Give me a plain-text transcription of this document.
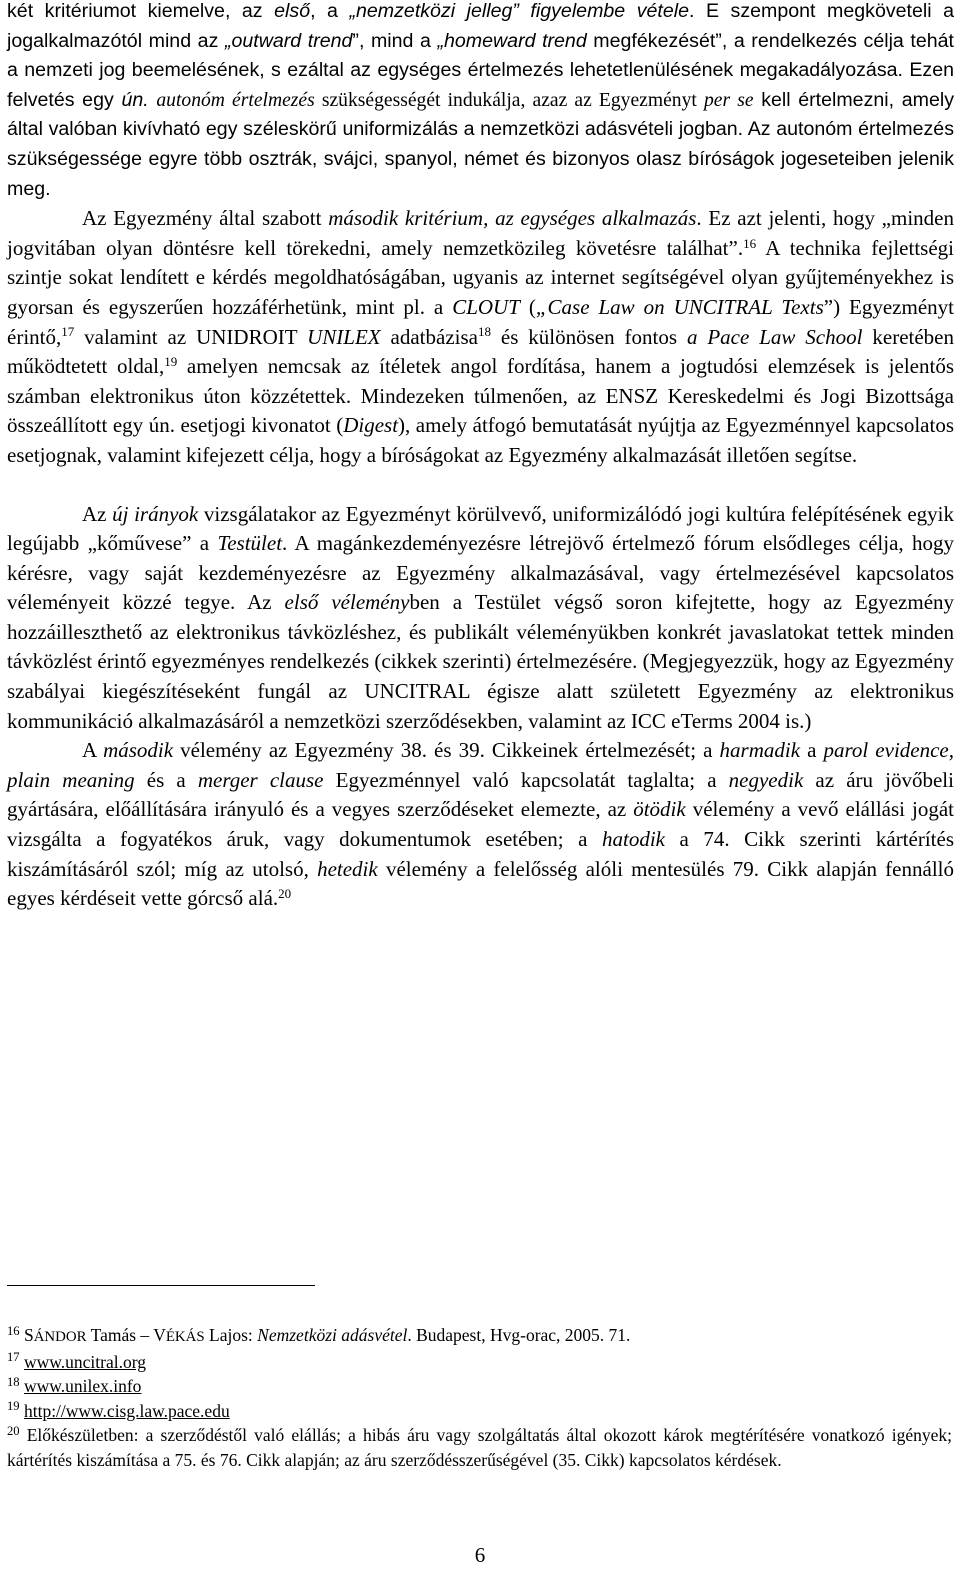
két kritériumot kiemelve, az első, a „nemzetközi jelleg” figyelembe vétele. E szempont megköveteli a jogalkalmazótól mind az „outward trend”, mind a „homeward trend megfékezését”, a rendelkezés célja tehát a nemzeti jog beemelésének, s ezáltal az egységes értelmezés lehetetlenülésének megakadályozása. Ezen felvetés egy ún. autonóm értelmezés szükségességét indukálja, azaz az Egyezményt per se kell értelmezni, amely által valóban kivívható egy széleskörű uniformizálás a nemzetközi adásvételi jogban. Az autonóm értelmezés szükségessége egyre több osztrák, svájci, spanyol, német és bizonyos olasz bíróságok jogeseteiben jelenik meg.

Az Egyezmény által szabott második kritérium, az egységes alkalmazás. Ez azt jelenti, hogy „minden jogvitában olyan döntésre kell törekedni, amely nemzetközileg követésre találhat”.$^{16}$ A technika fejlettségi szintje sokat lendített e kérdés megoldhatóságában, ugyanis az internet segítségével olyan gyűjteményekhez is gyorsan és egyszerűen hozzáférhetünk, mint pl. a CLOUT („Case Law on UNCITRAL Texts”) Egyezményt érintő,$^{17}$ valamint az UNIDROIT UNILEX adatbázisa$^{18}$ és különösen fontos a Pace Law School keretében működtetett oldal,$^{19}$ amelyen nemcsak az ítéletek angol fordítása, hanem a jogtudósi elemzések is jelentős számban elektronikus úton közzétettek. Mindezeken túlmenően, az ENSZ Kereskedelmi és Jogi Bizottsága összeállított egy ún. esetjogi kivonatot (Digest), amely átfogó bemutatását nyújtja az Egyezménnyel kapcsolatos esetjognak, valamint kifejezett célja, hogy a bíróságokat az Egyezmény alkalmazását illetően segítse.

Az új irányok vizsgálatakor az Egyezményt körülvevő, uniformizálódó jogi kultúra felépítésének egyik legújabb „kőművese” a Testület. A magánkezdeményezésre létrejövő értelmező fórum elsődleges célja, hogy kérésre, vagy saját kezdeményezésre az Egyezmény alkalmazásával, vagy értelmezésével kapcsolatos véleményeit közzé tegye. Az első véleményben a Testület végső soron kifejtette, hogy az Egyezmény hozzáilleszthető az elektronikus távközléshez, és publikált véleményükben konkrét javaslatokat tettek minden távközlést érintő egyezményes rendelkezés (cikkek szerinti) értelmezésére. (Megjegyezzük, hogy az Egyezmény szabályai kiegészítéseként fungál az UNCITRAL égisze alatt született Egyezmény az elektronikus kommunikáció alkalmazásáról a nemzetközi szerződésekben, valamint az ICC eTerms 2004 is.)

A második vélemény az Egyezmény 38. és 39. Cikkeinek értelmezését; a harmadik a parol evidence, plain meaning és a merger clause Egyezménnyel való kapcsolatát taglalta; a negyedik az áru jövőbeli gyártására, előállítására irányuló és a vegyes szerződéseket elemezte, az ötödik vélemény a vevő elállási jogát vizsgálta a fogyatékos áruk, vagy dokumentumok esetében; a hatodik a 74. Cikk szerinti kártérítés kiszámításáról szól; míg az utolsó, hetedik vélemény a felelősség alóli mentesülés 79. Cikk alapján fennálló egyes kérdéseit vette górcső alá.$^{20}$

$^{16}$ SÁNDOR Tamás – VÉKÁS Lajos: Nemzetközi adásvétel. Budapest, Hvg-orac, 2005. 71.

$^{17}$ www.uncitral.org

$^{18}$ www.unilex.info

$^{19}$ http://www.cisg.law.pace.edu

$^{20}$ Előkészületben: a szerződéstől való elállás; a hibás áru vagy szolgáltatás által okozott károk megtérítésére vonatkozó igények; kártérítés kiszámítása a 75. és 76. Cikk alapján; az áru szerződésszerűségével (35. Cikk) kapcsolatos kérdések.

6
